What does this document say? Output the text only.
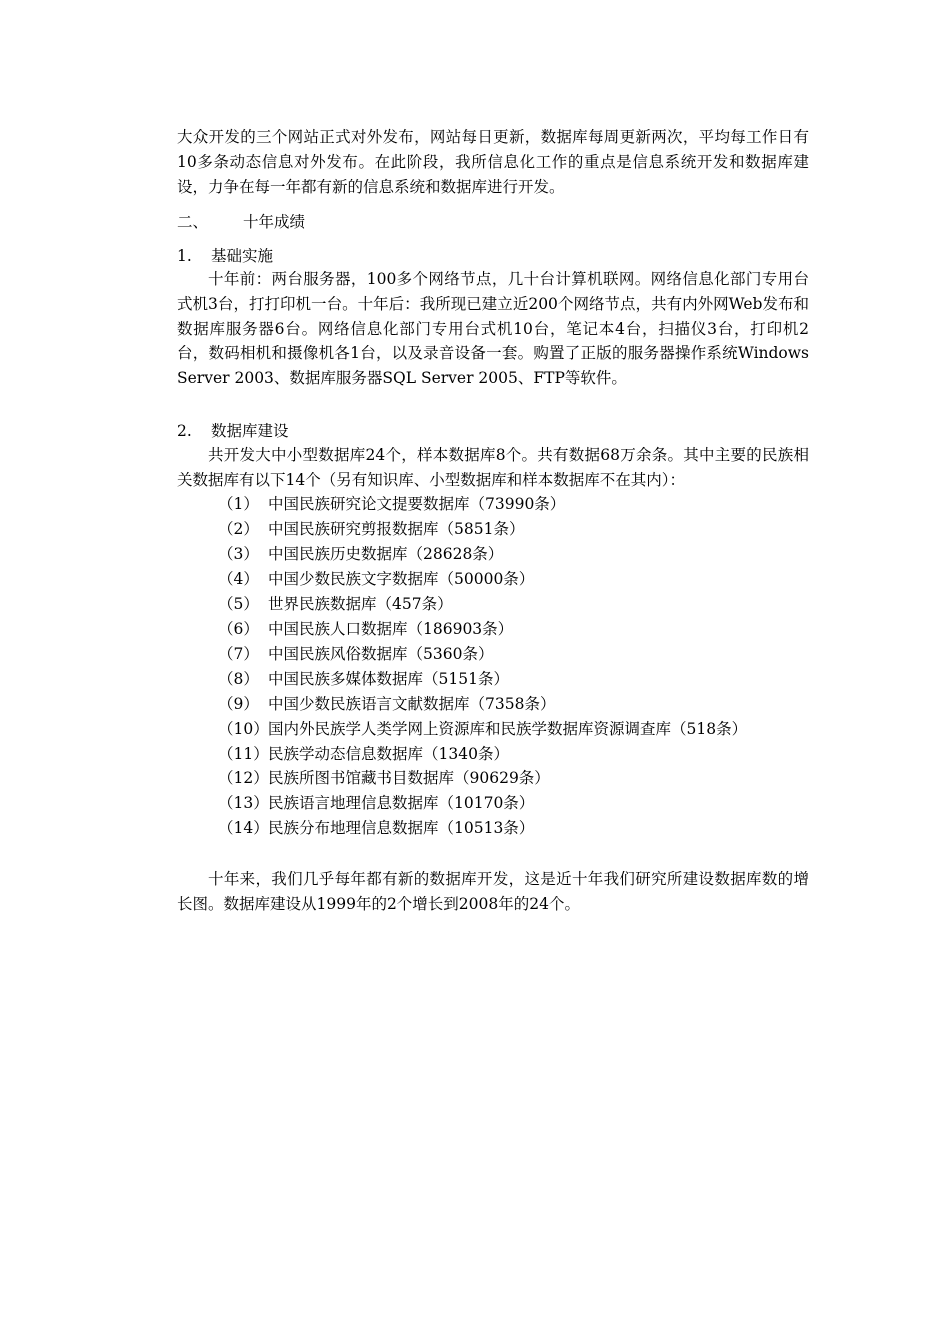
大众开发的三个网站正式对外发布，网站每日更新，数据库每周更新两次，平均每工作日有10多条动态信息对外发布。在此阶段，我所信息化工作的重点是信息系统开发和数据库建设，力争在每一年都有新的信息系统和数据库进行开发。

二、 十年成绩
1. 基础实施

十年前：两台服务器，100多个网络节点，几十台计算机联网。网络信息化部门专用台式机3台，打打印机一台。十年后：我所现已建立近200个网络节点，共有内外网Web发布和数据库服务器6台。网络信息化部门专用台式机10台，笔记本4台，扫描仪3台，打印机2台，数码相机和摄像机各1台，以及录音设备一套。购置了正版的服务器操作系统Windows Server 2003、数据库服务器SQL Server 2005、FTP等软件。

2. 数据库建设

共开发大中小型数据库24个，样本数据库8个。共有数据68万余条。其中主要的民族相关数据库有以下14个（另有知识库、小型数据库和样本数据库不在其内）：

（1） 中国民族研究论文提要数据库（73990条）
（2） 中国民族研究剪报数据库（5851条）
（3） 中国民族历史数据库（28628条）
（4） 中国少数民族文字数据库（50000条）
（5） 世界民族数据库（457条）
（6） 中国民族人口数据库（186903条）
（7） 中国民族风俗数据库（5360条）
（8） 中国民族多媒体数据库（5151条）
（9） 中国少数民族语言文献数据库（7358条）
（10）国内外民族学人类学网上资源库和民族学数据库资源调查库（518条）
（11）民族学动态信息数据库（1340条）
（12）民族所图书馆藏书目数据库（90629条）
（13）民族语言地理信息数据库（10170条）
（14）民族分布地理信息数据库（10513条）

十年来，我们几乎每年都有新的数据库开发，这是近十年我们研究所建设数据库数的增长图。数据库建设从1999年的2个增长到2008年的24个。
